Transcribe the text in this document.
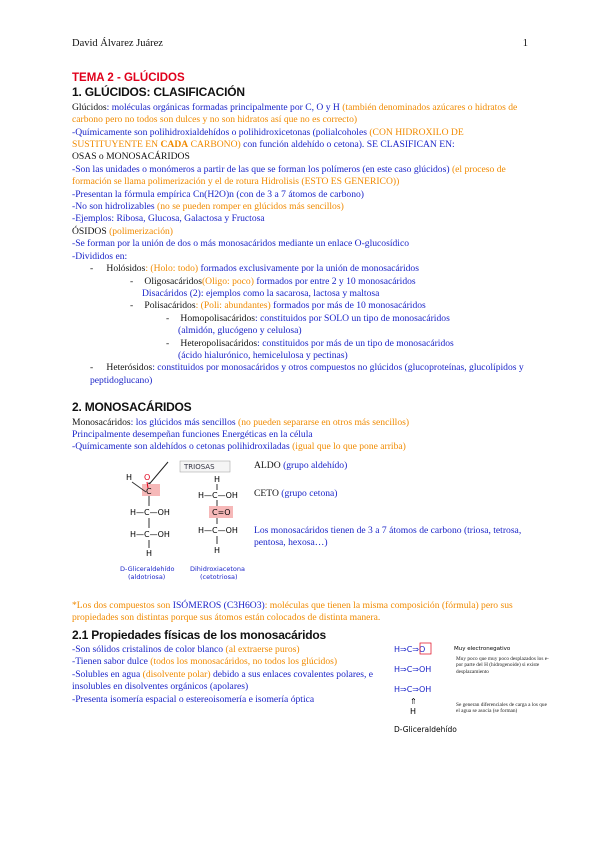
David Álvarez Juárez	1

TEMA 2 - GLÚCIDOS

1. GLÚCIDOS: CLASIFICACIÓN

Glúcidos: moléculas orgánicas formadas principalmente por C, O y H (también denominados azúcares o hidratos de carbono pero no todos son dulces y no son hidratos así que no es correcto)

-Químicamente son polihidroxialdehídos o polihidroxicetonas (polialcoholes (CON HIDROXILO DE SUSTITUYENTE EN CADA CARBONO) con función aldehído o cetona). SE CLASIFICAN EN:

OSAS o MONOSACÁRIDOS

-Son las unidades o monómeros a partir de las que se forman los polímeros (en este caso glúcidos) (el proceso de formación se llama polimerización y el de rotura Hidrolisis (ESTO ES GENERICO))

-Presentan la fórmula empírica Cn(H2O)n (con de 3 a 7 átomos de carbono)

-No son hidrolizables (no se pueden romper en glúcidos más sencillos)

-Ejemplos: Ribosa, Glucosa, Galactosa y Fructosa

ÓSIDOS (polimerización)

-Se forman por la unión de dos o más monosacáridos mediante un enlace O-glucosídico

-Divididos en:

- Holósidos: (Holo: todo) formados exclusivamente por la unión de monosacáridos

- Oligosacáridos(Oligo: poco) formados por entre 2 y 10 monosacáridos

Disacáridos (2): ejemplos como la sacarosa, lactosa y maltosa

- Polisacáridos: (Poli: abundantes) formados por más de 10 monosacáridos

- Homopolisacáridos: constituidos por SOLO un tipo de monosacáridos

(almidón, glucógeno y celulosa)

- Heteropolisacáridos: constituidos por más de un tipo de monosacáridos

(ácido hialurónico, hemicelulosa y pectinas)

- Heterósidos: constituidos por monosacáridos y otros compuestos no glúcidos (glucoproteínas, glucolípidos y peptidoglucano)

2. MONOSACÁRIDOS

Monosacáridos: los glúcidos más sencillos (no pueden separarse en otros más sencillos)

Principalmente desempeñan funciones Energéticas en la célula

-Químicamente son aldehídos o cetonas polihidroxiladas (igual que lo que pone arriba)

TRIOSAS
H O
C
H—C—OH
H—C—OH
H
D-Gliceraldehído
(aldotriosa)
H
H—C—OH
C=O
H—C—OH
H
Dihidroxiacetona
(cetotriosa)

ALDO (grupo aldehído)

CETO (grupo cetona)

Los monosacáridos tienen de 3 a 7 átomos de carbono (triosa, tetrosa, pentosa, hexosa…)

*Los dos compuestos son ISÓMEROS (C3H6O3): moléculas que tienen la misma composición (fórmula) pero sus propiedades son distintas porque sus átomos están colocados de distinta manera.

2.1 Propiedades físicas de los monosacáridos

-Son sólidos cristalinos de color blanco (al extraerse puros)

-Tienen sabor dulce (todos los monosacáridos, no todos los glúcidos)

-Solubles en agua (disolvente polar) debido a sus enlaces covalentes polares, e insolubles en disolventes orgánicos (apolares)

-Presenta isomería espacial o estereoisomería e isomería óptica

H⇒C⇒O	Muy electronegativo
H⇒C⇒OH
H⇒C⇒OH
⇑
H
Muy poco que muy poco desplazados los e- por parte del H (hidrogenoide) si existe desplazamiento
Se generan diferenciales de carga a los que el agua se asocia (se forman)
D-Gliceraldehído
